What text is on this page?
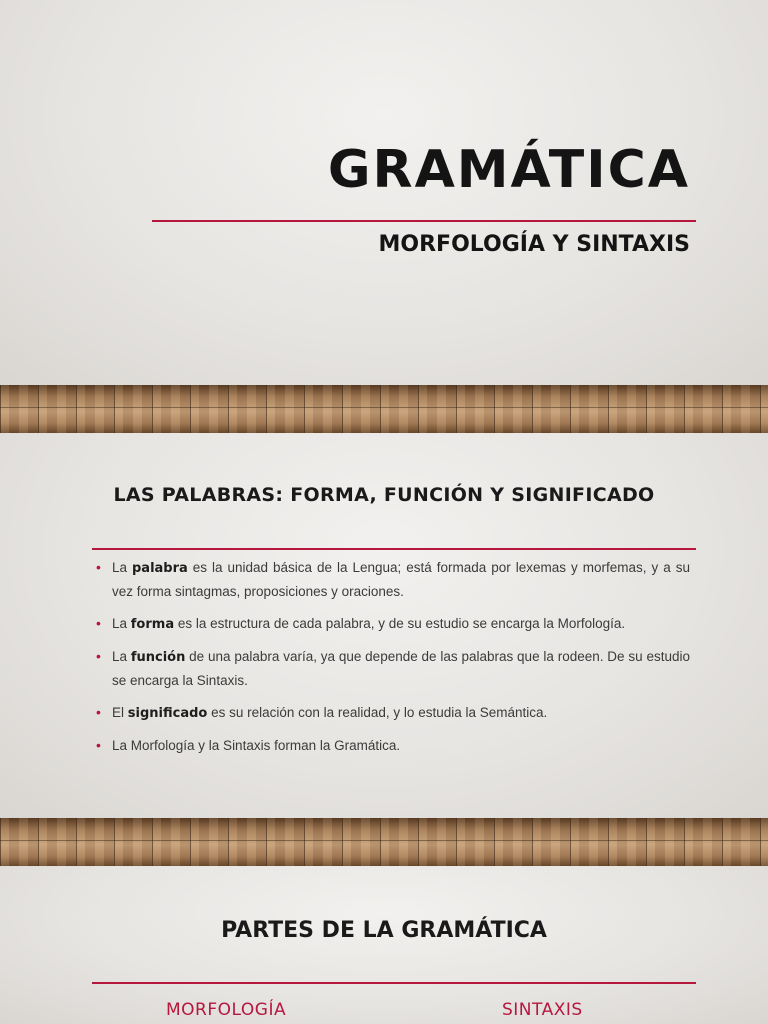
GRAMÁTICA
MORFOLOGÍA Y SINTAXIS
LAS PALABRAS: FORMA, FUNCIÓN Y SIGNIFICADO
• La palabra es la unidad básica de la Lengua; está formada por lexemas y morfemas, y a su vez forma sintagmas, proposiciones y oraciones.
• La forma es la estructura de cada palabra, y de su estudio se encarga la Morfología.
• La función de una palabra varía, ya que depende de las palabras que la rodeen. De su estudio se encarga la Sintaxis.
• El significado es su relación con la realidad, y lo estudia la Semántica.
• La Morfología y la Sintaxis forman la Gramática.
PARTES DE LA GRAMÁTICA

MORFOLOGÍA	SINTAXIS
